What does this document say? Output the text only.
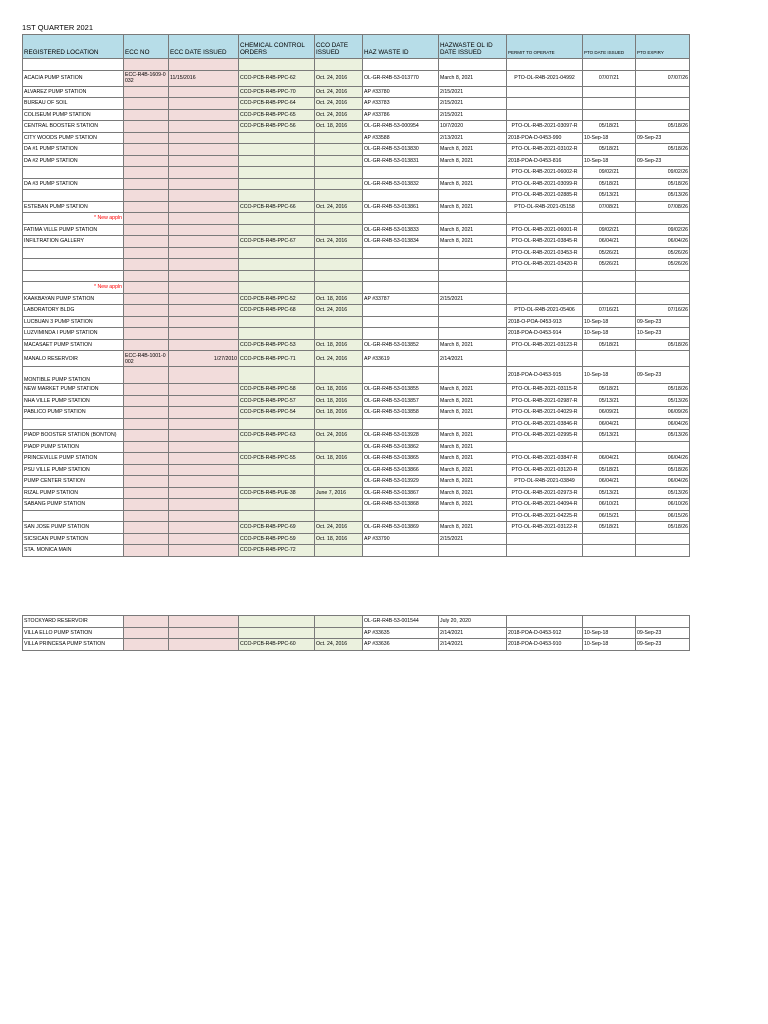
1ST QUARTER 2021
REGISTERED LOCATION	ECC NO	ECC DATE ISSUED	CHEMICAL CONTROL ORDERS	CCO DATE ISSUED	HAZ WASTE ID	HAZWASTE OL ID DATE ISSUED	PERMIT TO OPERATE	PTO DATE ISSUED	PTO EXPIRY

ACACIA PUMP STATION	ECC-R4B-1609-0032	11/15/2016	CCO-PCB-R4B-PPC-62	Oct. 24, 2016	OL-GR-R4B-53-013770	March 8, 2021	PTO-OL-R4B-2021-04992	07/07/21	07/07/26
ALVAREZ PUMP STATION			CCO-PCB-R4B-PPC-70	Oct. 24, 2016	AP #33780	2/15/2021			
BUREAU OF SOIL			CCO-PCB-R4B-PPC-64	Oct. 24, 2016	AP #33783	2/15/2021			
COLISEUM PUMP STATION			CCO-PCB-R4B-PPC-65	Oct. 24, 2016	AP #33786	2/15/2021			
CENTRAL BOOSTER STATION			CCO-PCB-R4B-PPC-56	Oct. 18, 2016	OL-GR-R4B-53-000954	10/7/2020	PTO-OL-R4B-2021-03097-R	05/18/21	05/18/26
CITY WOODS PUMP STATION					AP #33588	2/13/2021	2018-POA-D-0453-990	10-Sep-18	09-Sep-23
DA #1 PUMP STATION					OL-GR-R4B-53-013830	March 8, 2021	PTO-OL-R4B-2021-03102-R	05/18/21	05/18/26
DA #2 PUMP STATION					OL-GR-R4B-53-013831	March 8, 2021	2018-POA-D-0453-816	10-Sep-18	09-Sep-23
							PTO-OL-R4B-2021-06002-R	09/02/21	09/02/26
DA #3 PUMP STATION					OL-GR-R4B-53-013832	March 8, 2021	PTO-OL-R4B-2021-03099-R	05/18/21	05/18/26
							PTO-OL-R4B-2021-02885-R	05/13/21	05/13/26
ESTEBAN PUMP STATION			CCO-PCB-R4B-PPC-66	Oct. 24, 2016	OL-GR-R4B-53-013861	March 8, 2021	PTO-OL-R4B-2021-05158	07/08/21	07/08/26
* New appln									
FATIMA VILLE PUMP STATION					OL-GR-R4B-53-013833	March 8, 2021	PTO-OL-R4B-2021-06001-R	09/02/21	09/02/26
INFILTRATION GALLERY			CCO-PCB-R4B-PPC-67	Oct. 24, 2016	OL-GR-R4B-53-013834	March 8, 2021	PTO-OL-R4B-2021-03845-R	06/04/21	06/04/26
							PTO-OL-R4B-2021-03453-R	05/26/21	05/26/26
							PTO-OL-R4B-2021-03420-R	05/26/21	05/26/26

* New appln									
KAAKBAYAN PUMP STATION			CCO-PCB-R4B-PPC-52	Oct. 18, 2016	AP #33787	2/15/2021			
LABORATORY BLDG			CCO-PCB-R4B-PPC-68	Oct. 24, 2016			PTO-OL-R4B-2021-05406	07/16/21	07/16/26
LUCBUAN 3 PUMP STATION							2018-O-POA-0453-913	10-Sep-18	09-Sep-23
LUZVIMINDA I PUMP STATION							2018-POA-D-0453-914	10-Sep-18	10-Sep-23
MACASAET PUMP STATION			CCO-PCB-R4B-PPC-53	Oct. 18, 2016	OL-GR-R4B-53-013852	March 8, 2021	PTO-OL-R4B-2021-03123-R	05/18/21	05/18/26
MANALO RESERVOIR	ECC-R4B-1001-0002	1/27/2010	CCO-PCB-R4B-PPC-71	Oct. 24, 2016	AP #33619	2/14/2021			
MONTIBLE PUMP STATION							2018-POA-D-0453-915	10-Sep-18	09-Sep-23
NEW MARKET PUMP STATION			CCO-PCB-R4B-PPC-58	Oct. 18, 2016	OL-GR-R4B-53-013855	March 8, 2021	PTO-OL-R4B-2021-03115-R	05/18/21	05/18/26
NHA VILLE PUMP STATION			CCO-PCB-R4B-PPC-57	Oct. 18, 2016	OL-GR-R4B-53-013857	March 8, 2021	PTO-OL-R4B-2021-02987-R	05/13/21	05/13/26
PABLICO PUMP STATION			CCO-PCB-R4B-PPC-54	Oct. 18, 2016	OL-GR-R4B-53-013858	March 8, 2021	PTO-OL-R4B-2021-04029-R	06/09/21	06/09/26
							PTO-OL-R4B-2021-03846-R	06/04/21	06/04/26
PIADP BOOSTER STATION (BONTON)			CCO-PCB-R4B-PPC-63	Oct. 24, 2016	OL-GR-R4B-53-013928	March 8, 2021	PTO-OL-R4B-2021-02995-R	05/13/21	05/13/26
PIADP PUMP STATION					OL-GR-R4B-53-013862	March 8, 2021			
PRINCEVILLE PUMP STATION			CCO-PCB-R4B-PPC-55	Oct. 18, 2016	OL-GR-R4B-53-013865	March 8, 2021	PTO-OL-R4B-2021-03847-R	06/04/21	06/04/26
PSU VILLE PUMP STATION					OL-GR-R4B-53-013866	March 8, 2021	PTO-OL-R4B-2021-03120-R	05/18/21	05/18/26
PUMP CENTER STATION					OL-GR-R4B-53-013929	March 8, 2021	PTO-OL-R4B-2021-03849	06/04/21	06/04/26
RIZAL PUMP STATION			CCO-PCB-R4B-PUE-38	June 7, 2016	OL-GR-R4B-53-013867	March 8, 2021	PTO-OL-R4B-2021-02973-R	05/13/21	05/13/26
SABANG PUMP STATION					OL-GR-R4B-53-013868	March 8, 2021	PTO-OL-R4B-2021-04094-R	06/10/21	06/10/26
							PTO-OL-R4B-2021-04225-R	06/15/21	06/15/26
SAN JOSE PUMP STATION			CCO-PCB-R4B-PPC-69	Oct. 24, 2016	OL-GR-R4B-53-013869	March 8, 2021	PTO-OL-R4B-2021-03122-R	05/18/21	05/18/26
SICSICAN PUMP STATION			CCO-PCB-R4B-PPC-59	Oct. 18, 2016	AP #33790	2/15/2021			
STA. MONICA MAIN			CCO-PCB-R4B-PPC-72						
STOCKYARD RESERVOIR					OL-GR-R4B-53-001544	July 20, 2020			
VILLA ELLO PUMP STATION					AP #33635	2/14/2021	2018-POA-D-0453-912	10-Sep-18	09-Sep-23
VILLA PRINCESA PUMP STATION			CCO-PCB-R4B-PPC-60	Oct. 24, 2016	AP #33636	2/14/2021	2018-POA-D-0453-910	10-Sep-18	09-Sep-23
